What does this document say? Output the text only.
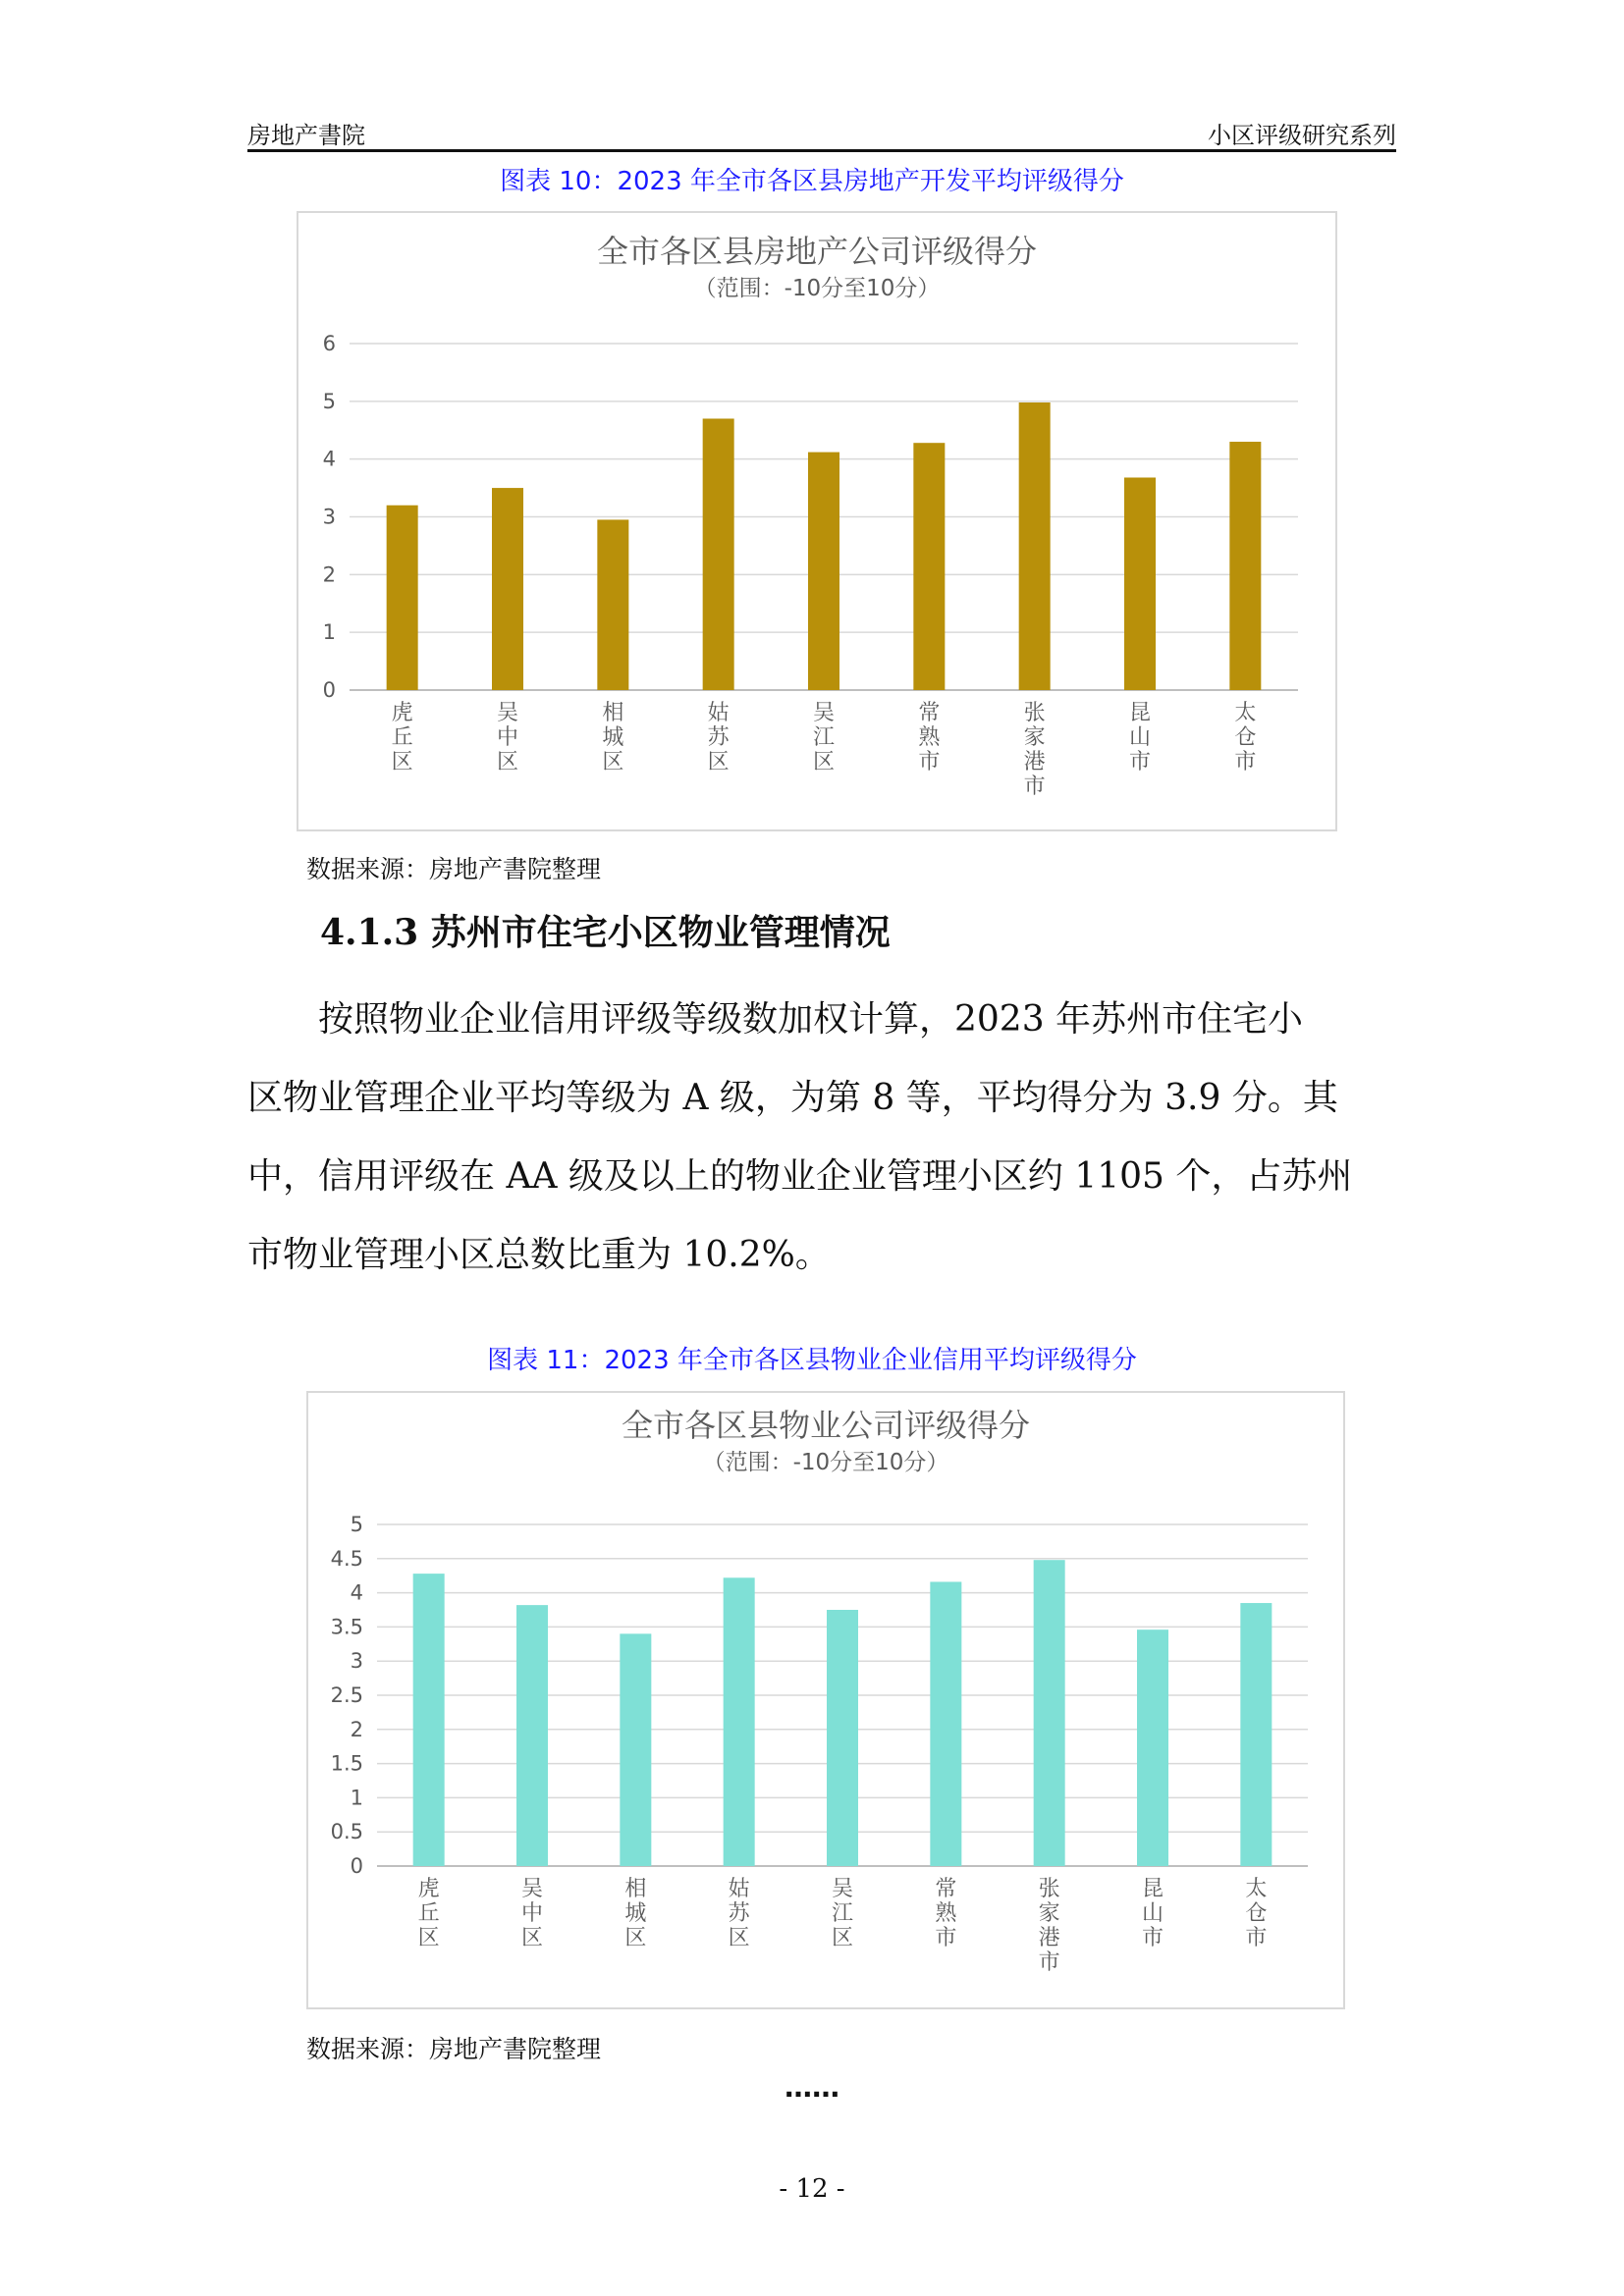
房地产書院	小区评级研究系列
图表 10：2023 年全市各区县房地产开发平均评级得分
全市各区县房地产公司评级得分
（范围：-10分至10分）
0
1
2
3
4
5
6
虎丘区
吴中区
相城区
姑苏区
吴江区
常熟市
张家港市
昆山市
太仓市
数据来源：房地产書院整理
4.1.3 苏州市住宅小区物业管理情况
按照物业企业信用评级等级数加权计算，2023 年苏州市住宅小
区物业管理企业平均等级为 A 级，为第 8 等，平均得分为 3.9 分。其
中，信用评级在 AA 级及以上的物业企业管理小区约 1105 个，占苏州
市物业管理小区总数比重为 10.2%。
图表 11：2023 年全市各区县物业企业信用平均评级得分
全市各区县物业公司评级得分
（范围：-10分至10分）
0
0.5
1
1.5
2
2.5
3
3.5
4
4.5
5
虎丘区
吴中区
相城区
姑苏区
吴江区
常熟市
张家港市
昆山市
太仓市
数据来源：房地产書院整理
……
- 12 -
